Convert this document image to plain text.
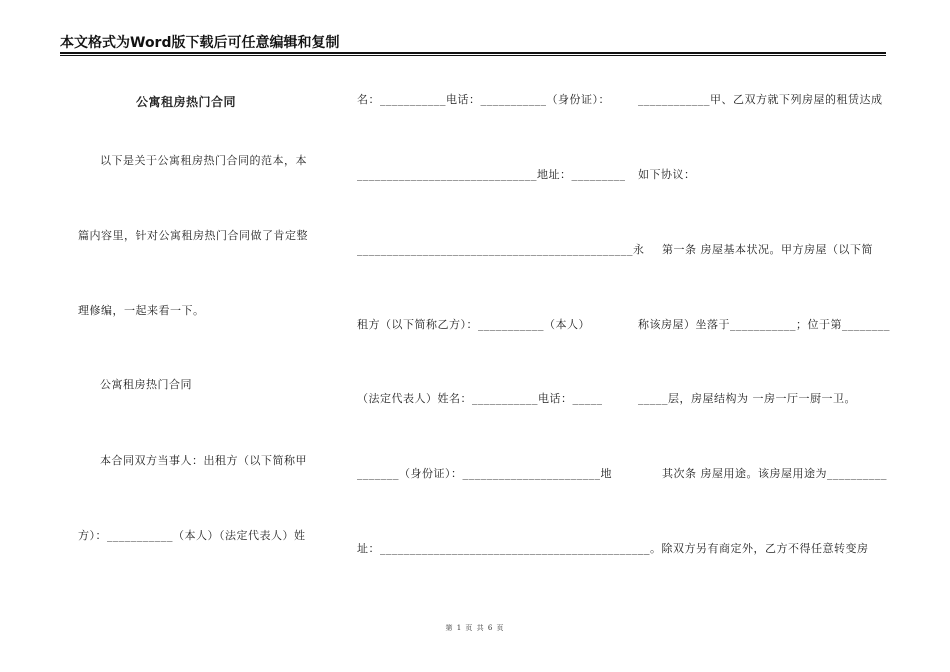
本文格式为Word版下载后可任意编辑和复制
公寓租房热门合同
以下是关于公寓租房热门合同的范本，本
篇内容里，针对公寓租房热门合同做了肯定整
理修编，一起来看一下。
公寓租房热门合同
本合同双方当事人：出租方（以下简称甲
方）：___________（本人）（法定代表人）姓
名：___________电话：___________（身份证）：
______________________________地址：_________
______________________________________________永
租方（以下简称乙方）：___________（本人）
（法定代表人）姓名：___________电话：_____
_______（身份证）：_______________________地
址：_____________________________________________
____________甲、乙双方就下列房屋的租赁达成
如下协议：
第一条 房屋基本状况。甲方房屋（以下简
称该房屋）坐落于___________；位于第________
_____层，房屋结构为 一房一厅一厨一卫。
其次条 房屋用途。该房屋用途为__________
__。除双方另有商定外，乙方不得任意转变房
第 1 页 共 6 页
